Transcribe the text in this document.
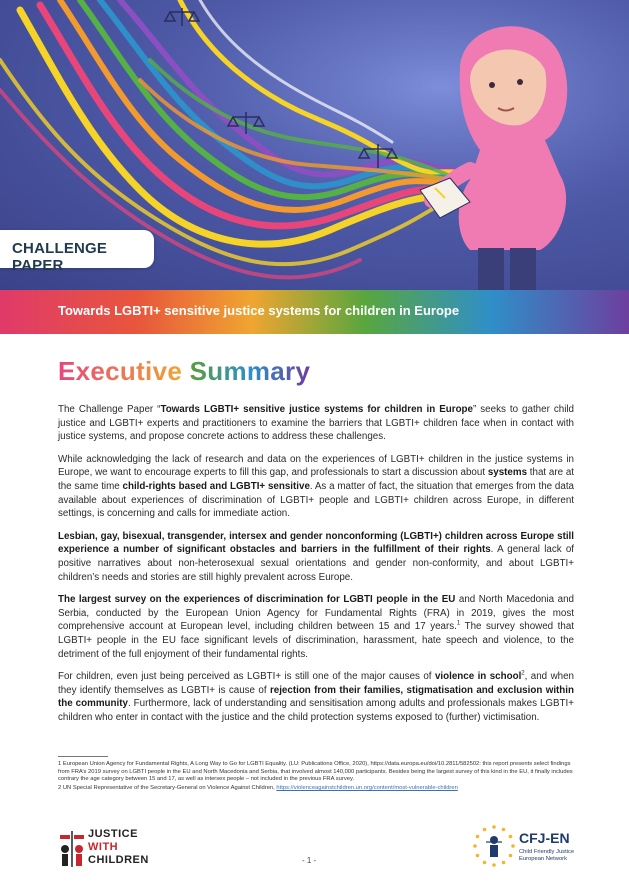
CHALLENGE PAPER
Towards LGBTI+ sensitive justice systems for children in Europe
Executive Summary

The Challenge Paper “Towards LGBTI+ sensitive justice systems for children in Europe” seeks to gather child justice and LGBTI+ experts and practitioners to examine the barriers that LGBTI+ children face when in contact with justice systems, and propose concrete actions to address these challenges.

While acknowledging the lack of research and data on the experiences of LGBTI+ children in the justice systems in Europe, we want to encourage experts to fill this gap, and professionals to start a discussion about systems that are at the same time child-rights based and LGBTI+ sensitive. As a matter of fact, the situation that emerges from the data available about experiences of discrimination of LGBTI+ people and LGBTI+ children across Europe, in different settings, is concerning and calls for immediate action.

Lesbian, gay, bisexual, transgender, intersex and gender nonconforming (LGBTI+) children across Europe still experience a number of significant obstacles and barriers in the fulfillment of their rights. A general lack of positive narratives about non-heterosexual sexual orientations and gender non-conformity, and about LGBTI+ children’s needs and stories are still highly prevalent across Europe.

The largest survey on the experiences of discrimination for LGBTI people in the EU and North Macedonia and Serbia, conducted by the European Union Agency for Fundamental Rights (FRA) in 2019, gives the most comprehensive account at European level, including children between 15 and 17 years.$^1$ The survey showed that LGBTI+ people in the EU face significant levels of discrimination, harassment, hate speech and violence, to the detriment of the full enjoyment of their fundamental rights.

For children, even just being perceived as LGBTI+ is still one of the major causes of violence in school$^2$, and when they identify themselves as LGBTI+ is cause of rejection from their families, stigmatisation and exclusion within the community. Furthermore, lack of understanding and sensitisation among adults and professionals makes LGBTI+ children who enter in contact with the justice and the child protection systems exposed to (further) victimisation.

1 European Union Agency for Fundamental Rights, A Long Way to Go for LGBTI Equality. (LU: Publications Office, 2020), https://data.europa.eu/doi/10.2811/582502: this report presents select findings from FRA’s 2019 survey on LGBTI people in the EU and North Macedonia and Serbia, that involved almost 140,000 participants. Besides being the largest survey of this kind in the EU, it finally includes contrary the age category between 15 and 17, as well as intersex people – not included in the previous FRA survey.
2 UN Special Representative of the Secretary-General on Violence Against Children, https://violenceagainstchildren.un.org/content/most-vulnerable-children
JUSTICE
WITH
CHILDREN	- 1 -
CFJ-EN
Child Friendly Justice
European Network
